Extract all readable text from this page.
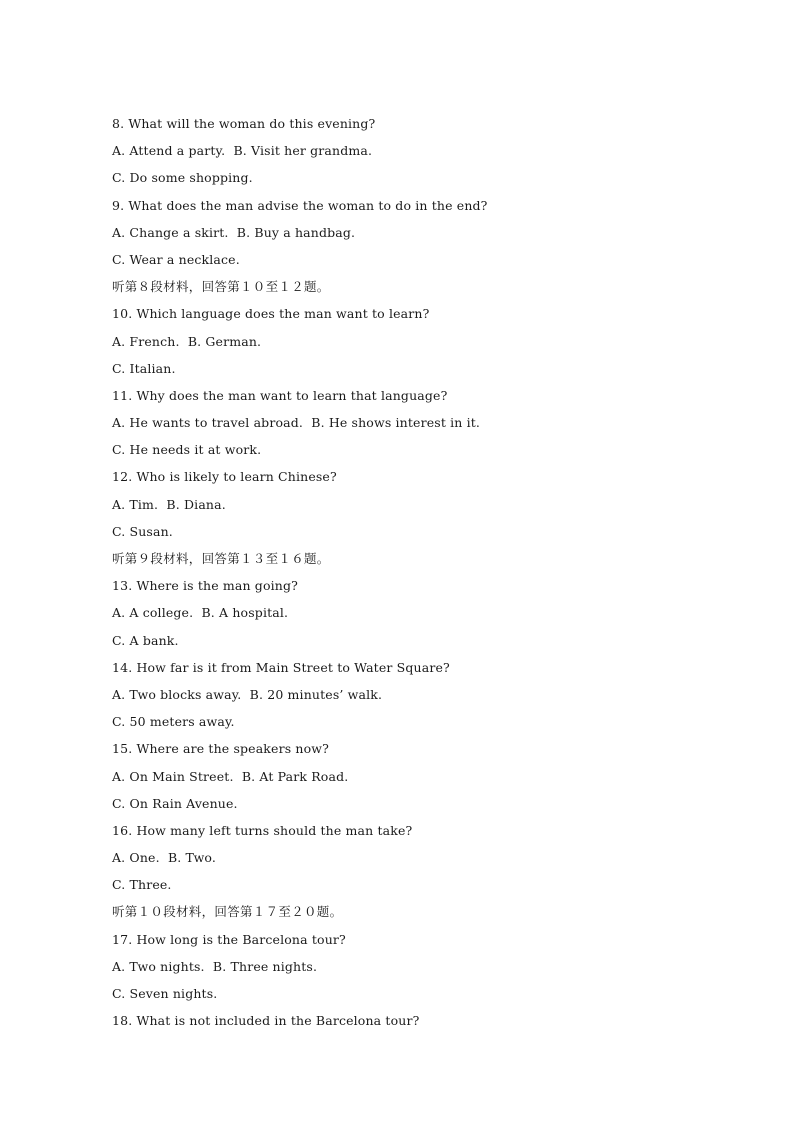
8. What will the woman do this evening?
A. Attend a party.  B. Visit her grandma.
C. Do some shopping.
9. What does the man advise the woman to do in the end?
A. Change a skirt.  B. Buy a handbag.
C. Wear a necklace.
听第８段材料，回答第１０至１２题。
10. Which language does the man want to learn?
A. French.  B. German.
C. Italian.
11. Why does the man want to learn that language?
A. He wants to travel abroad.  B. He shows interest in it.
C. He needs it at work.
12. Who is likely to learn Chinese?
A. Tim.  B. Diana.
C. Susan.
听第９段材料，回答第１３至１６题。
13. Where is the man going?
A. A college.  B. A hospital.
C. A bank.
14. How far is it from Main Street to Water Square?
A. Two blocks away.  B. 20 minutes’ walk.
C. 50 meters away.
15. Where are the speakers now?
A. On Main Street.  B. At Park Road.
C. On Rain Avenue.
16. How many left turns should the man take?
A. One.  B. Two.
C. Three.
听第１０段材料，回答第１７至２０题。
17. How long is the Barcelona tour?
A. Two nights.  B. Three nights.
C. Seven nights.
18. What is not included in the Barcelona tour?
